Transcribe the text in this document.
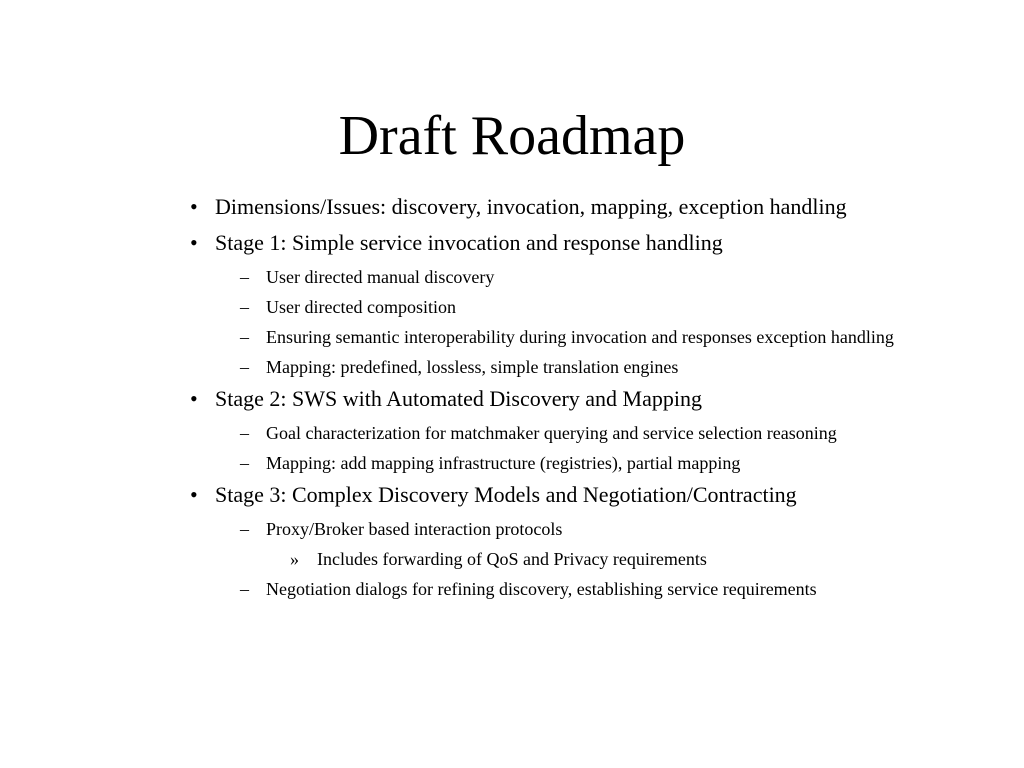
Draft Roadmap
• Dimensions/Issues: discovery, invocation, mapping, exception handling
• Stage 1: Simple service invocation and response handling
– User directed manual discovery
– User directed composition
– Ensuring semantic interoperability during invocation and responses exception handling
– Mapping: predefined, lossless, simple translation engines
• Stage 2: SWS with Automated Discovery and Mapping
– Goal characterization for matchmaker querying and service selection reasoning
– Mapping: add mapping infrastructure (registries), partial mapping
• Stage 3: Complex Discovery Models and Negotiation/Contracting
– Proxy/Broker based interaction protocols
» Includes forwarding of QoS and Privacy requirements
– Negotiation dialogs for refining discovery, establishing service requirements
